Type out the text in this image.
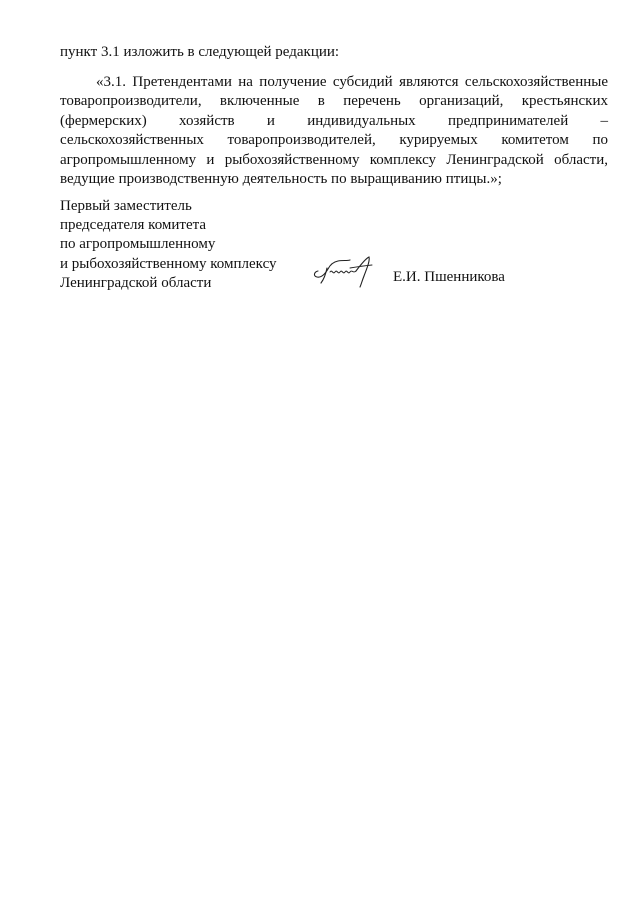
пункт 3.1 изложить в следующей редакции:
«3.1. Претендентами на получение субсидий являются сельскохозяйственные
товаропроизводители, включенные в перечень организаций, крестьянских
(фермерских) хозяйств и индивидуальных предпринимателей –
сельскохозяйственных товаропроизводителей, курируемых комитетом по
агропромышленному и рыбохозяйственному комплексу Ленинградской области,
ведущие производственную деятельность по выращиванию птицы.»;
Первый заместитель
председателя комитета
по агропромышленному
и рыбохозяйственному комплексу
Ленинградской области	Е.И. Пшенникова
